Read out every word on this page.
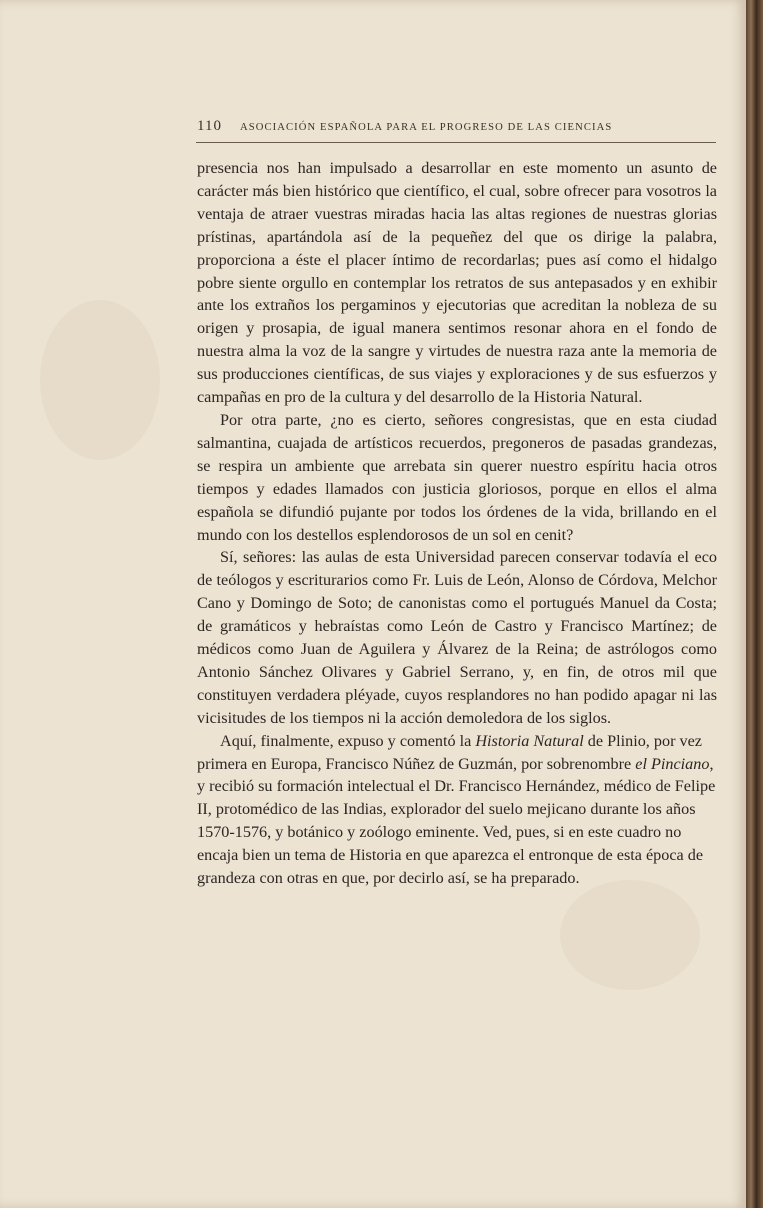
110 ASOCIACIÓN ESPAÑOLA PARA EL PROGRESO DE LAS CIENCIAS

presencia nos han impulsado a desarrollar en este momento un asunto de carácter más bien histórico que científico, el cual, sobre ofrecer para vosotros la ventaja de atraer vuestras miradas hacia las altas regiones de nuestras glorias prístinas, apartándola así de la pequeñez del que os dirige la palabra, proporciona a éste el placer íntimo de recordarlas; pues así como el hidalgo pobre siente orgullo en contemplar los retratos de sus antepasados y en exhibir ante los extraños los pergaminos y ejecutorias que acreditan la nobleza de su origen y prosapia, de igual manera sentimos resonar ahora en el fondo de nuestra alma la voz de la sangre y virtudes de nuestra raza ante la memoria de sus producciones científicas, de sus viajes y exploraciones y de sus esfuerzos y campañas en pro de la cultura y del desarrollo de la Historia Natural.

Por otra parte, ¿no es cierto, señores congresistas, que en esta ciudad salmantina, cuajada de artísticos recuerdos, pregoneros de pasadas grandezas, se respira un ambiente que arrebata sin querer nuestro espíritu hacia otros tiempos y edades llamados con justicia gloriosos, porque en ellos el alma española se difundió pujante por todos los órdenes de la vida, brillando en el mundo con los destellos esplendorosos de un sol en cenit?

Sí, señores: las aulas de esta Universidad parecen conservar todavía el eco de teólogos y escriturarios como Fr. Luis de León, Alonso de Córdova, Melchor Cano y Domingo de Soto; de canonistas como el portugués Manuel da Costa; de gramáticos y hebraístas como León de Castro y Francisco Martínez; de médicos como Juan de Aguilera y Álvarez de la Reina; de astrólogos como Antonio Sánchez Olivares y Gabriel Serrano, y, en fin, de otros mil que constituyen verdadera pléyade, cuyos resplandores no han podido apagar ni las vicisitudes de los tiempos ni la acción demoledora de los siglos.

Aquí, finalmente, expuso y comentó la Historia Natural de Plinio, por vez primera en Europa, Francisco Núñez de Guzmán, por sobrenombre el Pinciano, y recibió su formación intelectual el Dr. Francisco Hernández, médico de Felipe II, protomédico de las Indias, explorador del suelo mejicano durante los años 1570-1576, y botánico y zoólogo eminente. Ved, pues, si en este cuadro no encaja bien un tema de Historia en que aparezca el entronque de esta época de grandeza con otras en que, por decirlo así, se ha preparado.
